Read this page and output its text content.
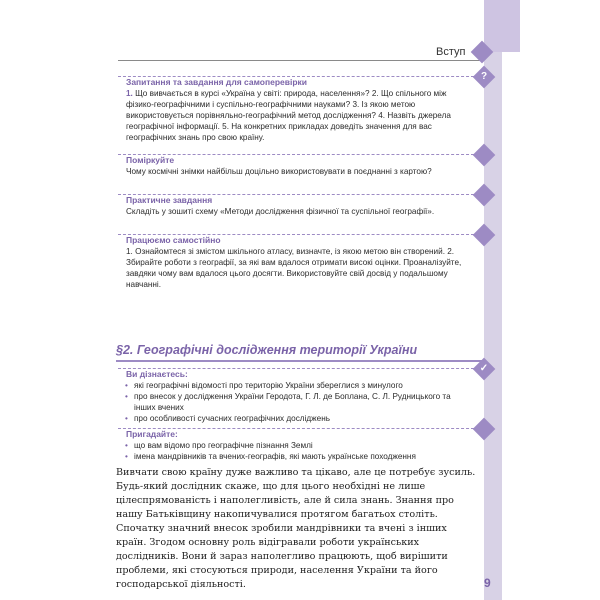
Вступ
?
Запитання та завдання для самоперевірки
1. Що вивчається в курсі «Україна у світі: природа, населення»? 2. Що спільного між фізико-географічними і суспільно-географічними науками? 3. Із якою метою використовується порівняльно-географічний метод дослідження? 4. Назвіть джерела географічної інформації. 5. На конкретних прикладах доведіть значення для вас географічних знань про свою країну.
Поміркуйте
Чому космічні знімки найбільш доцільно використовувати в поєднанні з картою?
Практичне завдання
Складіть у зошиті схему «Методи дослідження фізичної та суспільної географії».
Працюємо самостійно
1. Ознайомтеся зі змістом шкільного атласу, визначте, із якою метою він створений. 2. Збирайте роботи з географії, за які вам вдалося отримати високі оцінки. Проаналізуйте, завдяки чому вам вдалося цього досягти. Використовуйте свій досвід у подальшому навчанні.
§2. Географічні дослідження території України
✓
Ви дізнаєтесь:
• які географічні відомості про територію України збереглися з минулого
• про внесок у дослідження України Геродота, Г. Л. де Боплана, С. Л. Рудницького та інших вчених
• про особливості сучасних географічних досліджень
Пригадайте:
• що вам відомо про географічне пізнання Землі
• імена мандрівників та вчених-географів, які мають українське походження
Вивчати свою країну дуже важливо та цікаво, але це потребує зусиль. Будь-який дослідник скаже, що для цього необхідні не лише цілеспрямованість і наполегливість, але й сила знань. Знання про нашу Батьківщину накопичувалися протягом багатьох століть. Спочатку значний внесок зробили мандрівники та вчені з інших країн. Згодом основну роль відігравали роботи українських дослідників. Вони й зараз наполегливо працюють, щоб вирішити проблеми, які стосуються природи, населення України та його господарської діяльності.	9
